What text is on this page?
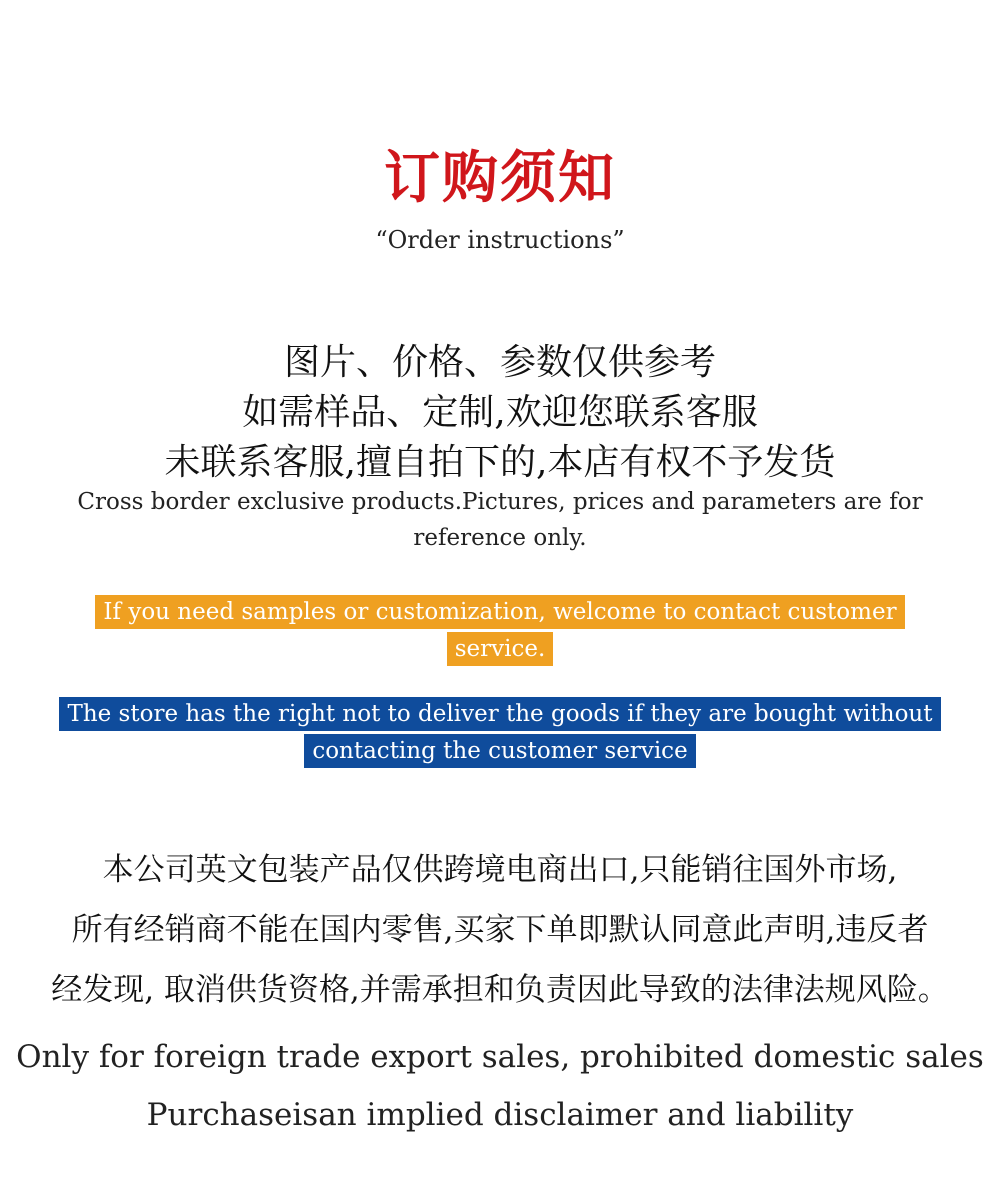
订购须知
“Order instructions”
图片、价格、参数仅供参考
如需样品、定制,欢迎您联系客服
未联系客服,擅自拍下的,本店有权不予发货
Cross border exclusive products.Pictures, prices and parameters are for reference only.
If you need samples or customization, welcome to contact customer
service.
The store has the right not to deliver the goods if they are bought without
contacting the customer service
本公司英文包装产品仅供跨境电商出口,只能销往国外市场,
所有经销商不能在国内零售,买家下单即默认同意此声明,违反者
经发现, 取消供货资格,并需承担和负责因此导致的法律法规风险。
Only for foreign trade export sales, prohibited domestic sales
Purchaseisan implied disclaimer and liability
